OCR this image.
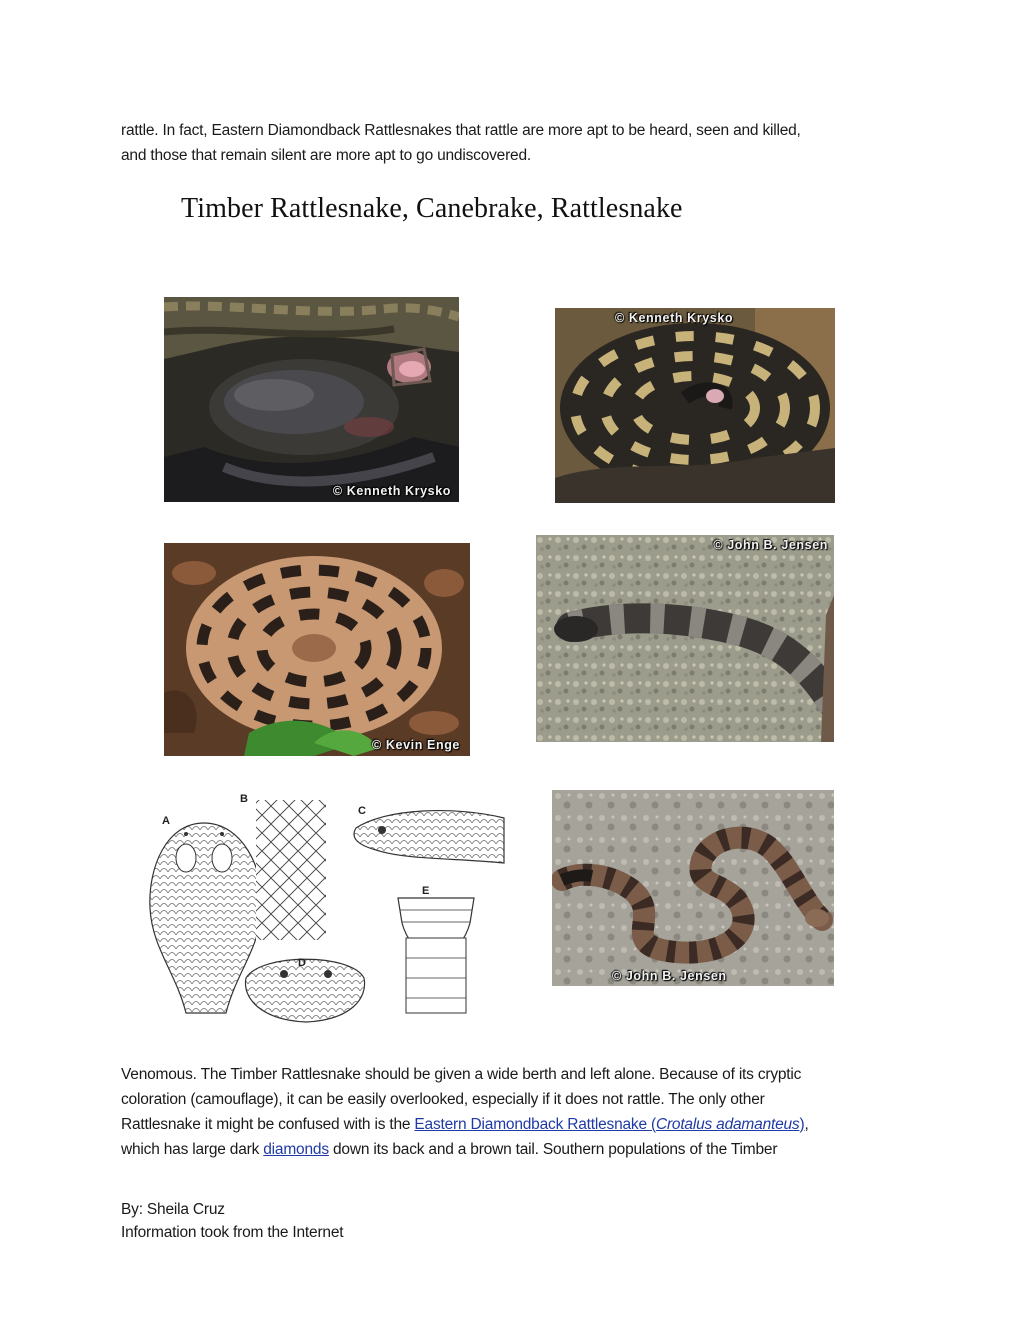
rattle. In fact, Eastern Diamondback Rattlesnakes that rattle are more apt to be heard, seen and killed,
and those that remain silent are more apt to go undiscovered.
Timber Rattlesnake, Canebrake, Rattlesnake
© Kenneth Krysko
© Kenneth Krysko
© Kevin Enge
© John B. Jensen
A
B
C
D
E
© John B. Jensen
Venomous. The Timber Rattlesnake should be given a wide berth and left alone. Because of its cryptic
coloration (camouflage), it can be easily overlooked, especially if it does not rattle. The only other
Rattlesnake it might be confused with is the Eastern Diamondback Rattlesnake (Crotalus adamanteus),
which has large dark diamonds down its back and a brown tail. Southern populations of the Timber
By: Sheila Cruz
Information took from the Internet
